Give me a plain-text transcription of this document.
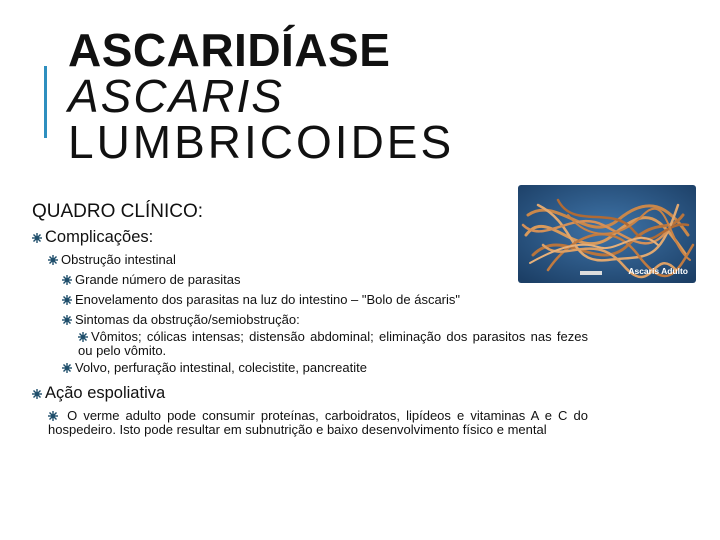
ASCARIDÍASE
ASCARIS
LUMBRICOIDES
Ascaris Adulto
QUADRO CLÍNICO:
Complicações:
Obstrução intestinal
Grande número de parasitas
Enovelamento dos parasitas na luz do intestino – "Bolo de áscaris"
Sintomas da obstrução/semiobstrução:
Vômitos; cólicas intensas; distensão abdominal; eliminação dos parasitos nas fezes ou pelo vômito.
Volvo, perfuração intestinal, colecistite, pancreatite
Ação espoliativa
O verme adulto pode consumir proteínas, carboidratos, lipídeos e vitaminas A e C do hospedeiro. Isto pode resultar em subnutrição e baixo desenvolvimento físico e mental
